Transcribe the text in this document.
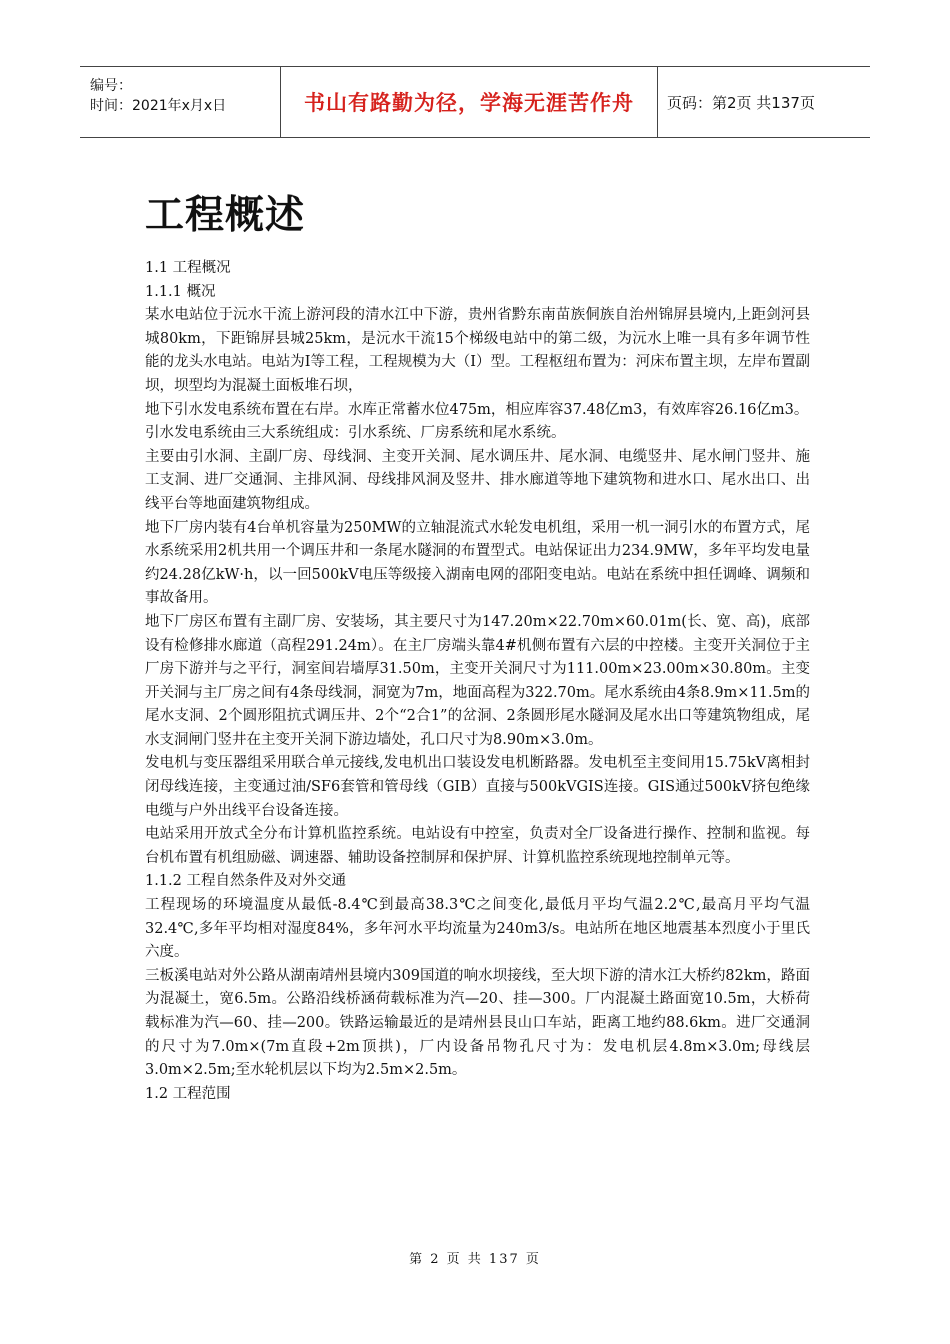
编号：
时间：2021年x月x日	书山有路勤为径，学海无涯苦作舟	页码：第2页 共137页
工程概述

1.1 工程概况

1.1.1 概况

某水电站位于沅水干流上游河段的清水江中下游，贵州省黔东南苗族侗族自治州锦屏县境内,上距剑河县城80km，下距锦屏县城25km，是沅水干流15个梯级电站中的第二级，为沅水上唯一具有多年调节性能的龙头水电站。电站为I等工程，工程规模为大（I）型。工程枢纽布置为：河床布置主坝，左岸布置副坝，坝型均为混凝土面板堆石坝，

地下引水发电系统布置在右岸。水库正常蓄水位475m，相应库容37.48亿m3，有效库容26.16亿m3。

引水发电系统由三大系统组成：引水系统、厂房系统和尾水系统。

主要由引水洞、主副厂房、母线洞、主变开关洞、尾水调压井、尾水洞、电缆竖井、尾水闸门竖井、施工支洞、进厂交通洞、主排风洞、母线排风洞及竖井、排水廊道等地下建筑物和进水口、尾水出口、出线平台等地面建筑物组成。

地下厂房内装有4台单机容量为250MW的立轴混流式水轮发电机组，采用一机一洞引水的布置方式，尾水系统采用2机共用一个调压井和一条尾水隧洞的布置型式。电站保证出力234.9MW，多年平均发电量约24.28亿kW·h，以一回500kV电压等级接入湖南电网的邵阳变电站。电站在系统中担任调峰、调频和事故备用。

地下厂房区布置有主副厂房、安装场，其主要尺寸为147.20m×22.70m×60.01m(长、宽、高)，底部设有检修排水廊道（高程291.24m）。在主厂房端头靠4#机侧布置有六层的中控楼。主变开关洞位于主厂房下游并与之平行，洞室间岩墙厚31.50m，主变开关洞尺寸为111.00m×23.00m×30.80m。主变开关洞与主厂房之间有4条母线洞，洞宽为7m，地面高程为322.70m。尾水系统由4条8.9m×11.5m的尾水支洞、2个圆形阻抗式调压井、2个“2合1”的岔洞、2条圆形尾水隧洞及尾水出口等建筑物组成，尾水支洞闸门竖井在主变开关洞下游边墙处，孔口尺寸为8.90m×3.0m。

发电机与变压器组采用联合单元接线,发电机出口装设发电机断路器。发电机至主变间用15.75kV离相封闭母线连接，主变通过油/SF6套管和管母线（GIB）直接与500kVGIS连接。GIS通过500kV挤包绝缘电缆与户外出线平台设备连接。

电站采用开放式全分布计算机监控系统。电站设有中控室，负责对全厂设备进行操作、控制和监视。每台机布置有机组励磁、调速器、辅助设备控制屏和保护屏、计算机监控系统现地控制单元等。

1.1.2 工程自然条件及对外交通

工程现场的环境温度从最低-8.4℃到最高38.3℃之间变化,最低月平均气温2.2℃,最高月平均气温32.4℃,多年平均相对湿度84%，多年河水平均流量为240m3/s。电站所在地区地震基本烈度小于里氏六度。

三板溪电站对外公路从湖南靖州县境内309国道的响水坝接线，至大坝下游的清水江大桥约82km，路面为混凝土，宽6.5m。公路沿线桥涵荷载标准为汽—20、挂—300。厂内混凝土路面宽10.5m，大桥荷载标准为汽—60、挂—200。铁路运输最近的是靖州县艮山口车站，距离工地约88.6km。进厂交通洞的尺寸为7.0m×(7m直段+2m顶拱)，厂内设备吊物孔尺寸为：发电机层4.8m×3.0m;母线层3.0m×2.5m;至水轮机层以下均为2.5m×2.5m。

1.2 工程范围

第 2 页 共 137 页
